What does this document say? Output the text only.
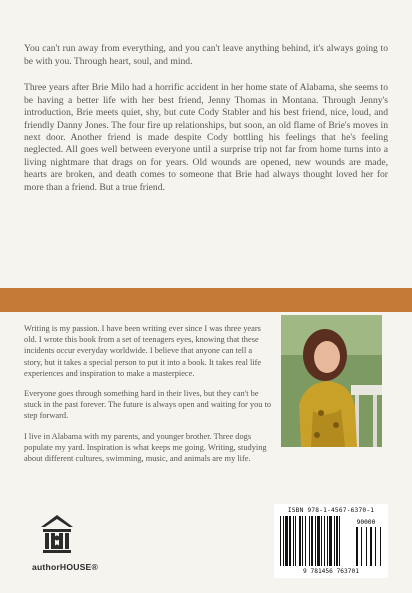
You can't run away from everything, and you can't leave anything behind, it's always going to be with you. Through heart, soul, and mind.

Three years after Brie Milo had a horrific accident in her home state of Alabama, she seems to be having a better life with her best friend, Jenny Thomas in Montana. Through Jenny's introduction, Brie meets quiet, shy, but cute Cody Stabler and his best friend, nice, loud, and friendly Danny Jones. The four fire up relationships, but soon, an old flame of Brie's moves in next door. Another friend is made despite Cody bottling his feelings that he's feeling neglected. All goes well between everyone until a surprise trip not far from home turns into a living nightmare that drags on for years. Old wounds are opened, new wounds are made, hearts are broken, and death comes to someone that Brie had always thought loved her for more than a friend. But a true friend.

Writing is my passion. I have been writing ever since I was three years old. I wrote this book from a set of teenagers eyes, knowing that these incidents occur everyday worldwide. I believe that anyone can tell a story, but it takes a special person to put it into a book. It takes real life experiences and inspiration to make a masterpiece.

Everyone goes through something hard in their lives, but they can't be stuck in the past forever. The future is always open and waiting for you to step forward.

I live in Alabama with my parents, and younger brother. Three dogs populate my yard. Inspiration is what keeps me going. Writing, studying about different cultures, swimming, music, and animals are my life.

authorHOUSE®
ISBN 978-1-4567-6370-1
90000
9 781456 763701
